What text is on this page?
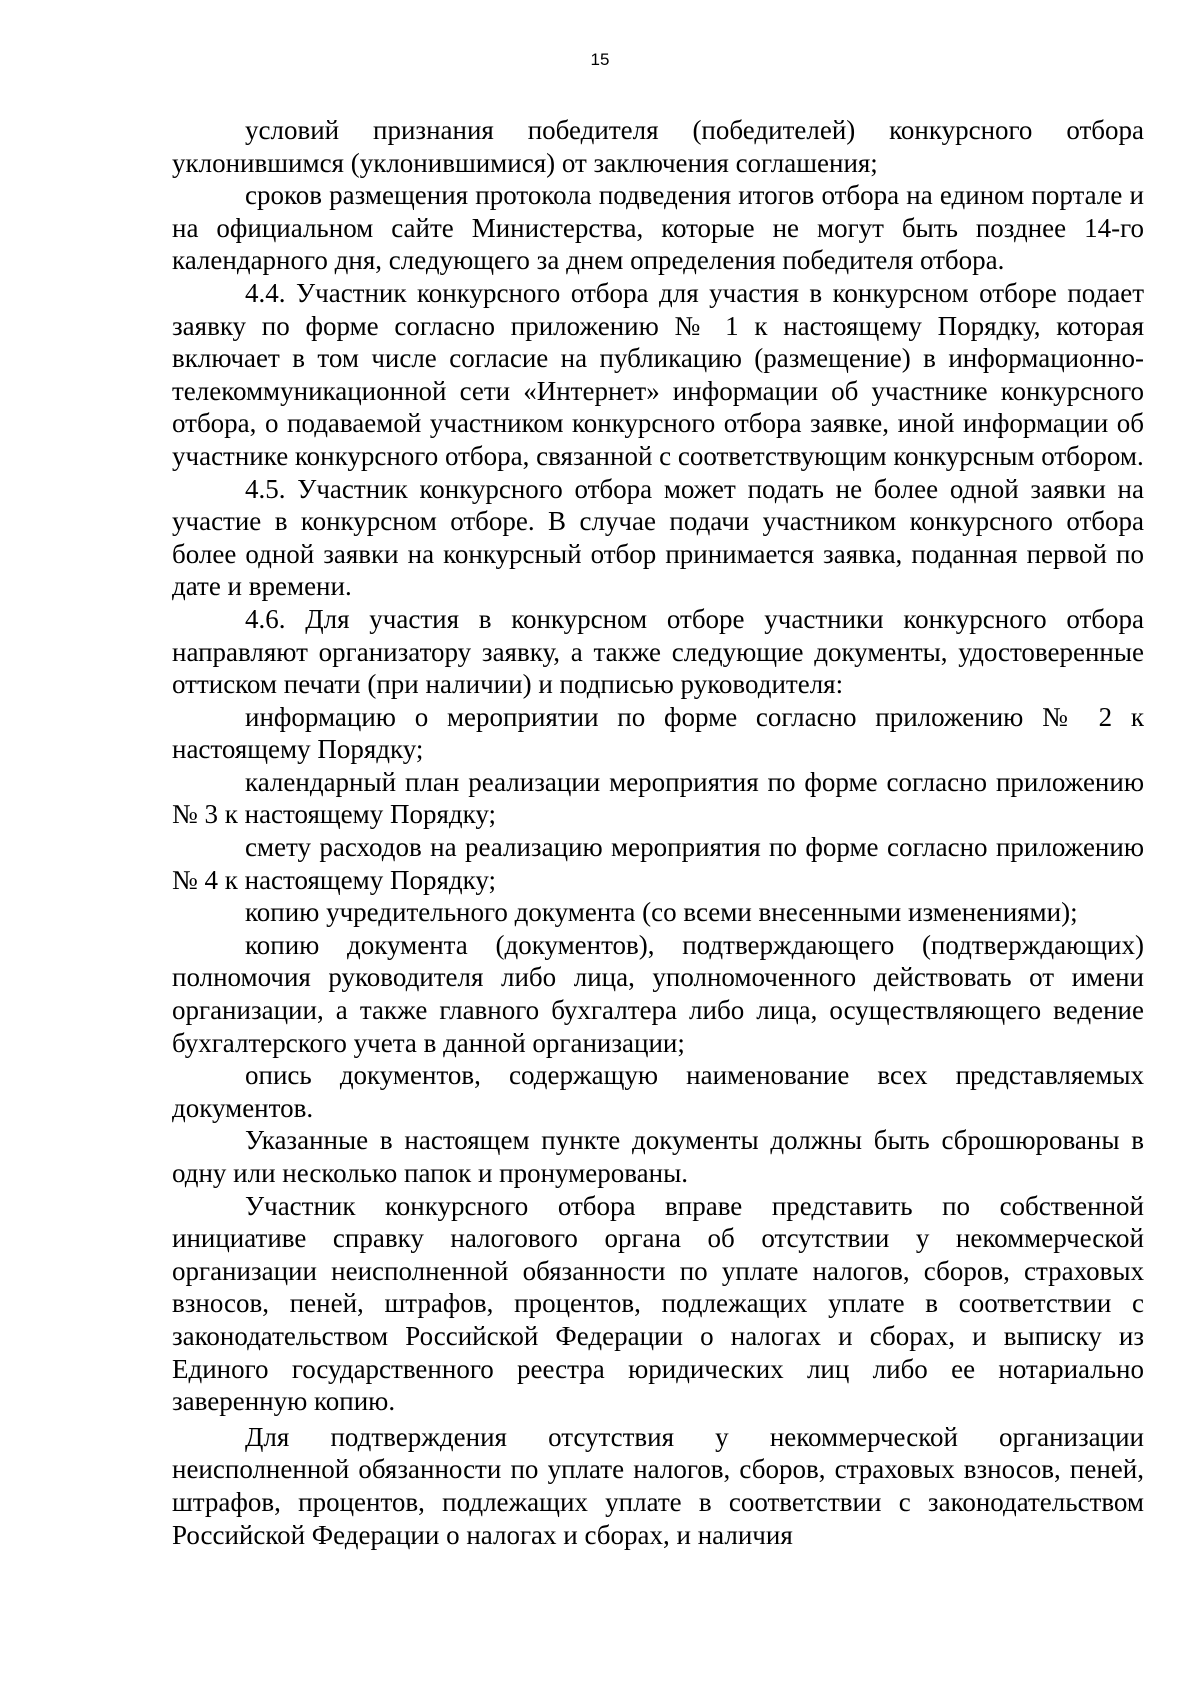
15

условий признания победителя (победителей) конкурсного отбора уклонившимся (уклонившимися) от заключения соглашения;

сроков размещения протокола подведения итогов отбора на едином портале и на официальном сайте Министерства, которые не могут быть позднее 14-го календарного дня, следующего за днем определения победителя отбора.

4.4. Участник конкурсного отбора для участия в конкурсном отборе подает заявку по форме согласно приложению № 1 к настоящему Порядку, которая включает в том числе согласие на публикацию (размещение) в информационно-телекоммуникационной сети «Интернет» информации об участнике конкурсного отбора, о подаваемой участником конкурсного отбора заявке, иной информации об участнике конкурсного отбора, связанной с соответствующим конкурсным отбором.

4.5. Участник конкурсного отбора может подать не более одной заявки на участие в конкурсном отборе. В случае подачи участником конкурсного отбора более одной заявки на конкурсный отбор принимается заявка, поданная первой по дате и времени.

4.6. Для участия в конкурсном отборе участники конкурсного отбора направляют организатору заявку, а также следующие документы, удостоверенные оттиском печати (при наличии) и подписью руководителя:

информацию о мероприятии по форме согласно приложению № 2 к настоящему Порядку;

календарный план реализации мероприятия по форме согласно приложению № 3 к настоящему Порядку;

смету расходов на реализацию мероприятия по форме согласно приложению № 4 к настоящему Порядку;

копию учредительного документа (со всеми внесенными изменениями);

копию документа (документов), подтверждающего (подтверждающих) полномочия руководителя либо лица, уполномоченного действовать от имени организации, а также главного бухгалтера либо лица, осуществляющего ведение бухгалтерского учета в данной организации;

опись документов, содержащую наименование всех представляемых документов.

Указанные в настоящем пункте документы должны быть сброшюрованы в одну или несколько папок и пронумерованы.

Участник конкурсного отбора вправе представить по собственной инициативе справку налогового органа об отсутствии у некоммерческой организации неисполненной обязанности по уплате налогов, сборов, страховых взносов, пеней, штрафов, процентов, подлежащих уплате в соответствии с законодательством Российской Федерации о налогах и сборах, и выписку из Единого государственного реестра юридических лиц либо ее нотариально заверенную копию.

Для подтверждения отсутствия у некоммерческой организации неисполненной обязанности по уплате налогов, сборов, страховых взносов, пеней, штрафов, процентов, подлежащих уплате в соответствии с законодательством Российской Федерации о налогах и сборах, и наличия
